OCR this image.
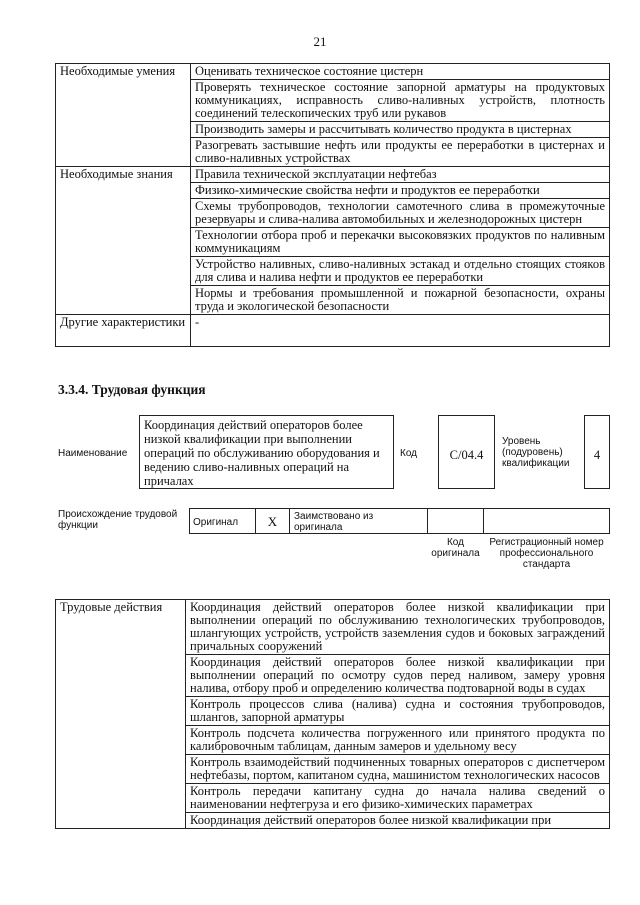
21
Необходимые умения	Оценивать техническое состояние цистерн
	Проверять техническое состояние запорной арматуры на продуктовых коммуникациях, исправность сливо-наливных устройств, плотность соединений телескопических труб или рукавов
	Производить замеры и рассчитывать количество продукта в цистернах
	Разогревать застывшие нефть или продукты ее переработки в цистернах и сливо-наливных устройствах
Необходимые знания	Правила технической эксплуатации нефтебаз
	Физико-химические свойства нефти и продуктов ее переработки
	Схемы трубопроводов, технологии самотечного слива в промежуточные резервуары и слива-налива автомобильных и железнодорожных цистерн
	Технологии отбора проб и перекачки высоковязких продуктов по наливным коммуникациям
	Устройство наливных, сливо-наливных эстакад и отдельно стоящих стояков для слива и налива нефти и продуктов ее переработки
	Нормы и требования промышленной и пожарной безопасности, охраны труда и экологической безопасности
Другие характеристики	-
3.3.4. Трудовая функция
Наименование
Координация действий операторов более низкой квалификации при выполнении операций по обслуживанию оборудования и ведению сливо-наливных операций на причалах
Код	С/04.4
Уровень (подуровень) квалификации
4
Происхождение трудовой функции	Оригинал	X	Заимствовано из оригинала
Код оригинала
Регистрационный номер профессионального стандарта
Трудовые действия	Координация действий операторов более низкой квалификации при выполнении операций по обслуживанию технологических трубопроводов, шлангующих устройств, устройств заземления судов и боковых заграждений причальных сооружений
Координация действий операторов более низкой квалификации при выполнении операций по осмотру судов перед наливом, замеру уровня налива, отбору проб и определению количества подтоварной воды в судах
Контроль процессов слива (налива) судна и состояния трубопроводов, шлангов, запорной арматуры
Контроль подсчета количества погруженного или принятого продукта по калибровочным таблицам, данным замеров и удельному весу
Контроль взаимодействий подчиненных товарных операторов с диспетчером нефтебазы, портом, капитаном судна, машинистом технологических насосов
Контроль передачи капитану судна до начала налива сведений о наименовании нефтегруза и его физико-химических параметрах
Координация действий операторов более низкой квалификации при
